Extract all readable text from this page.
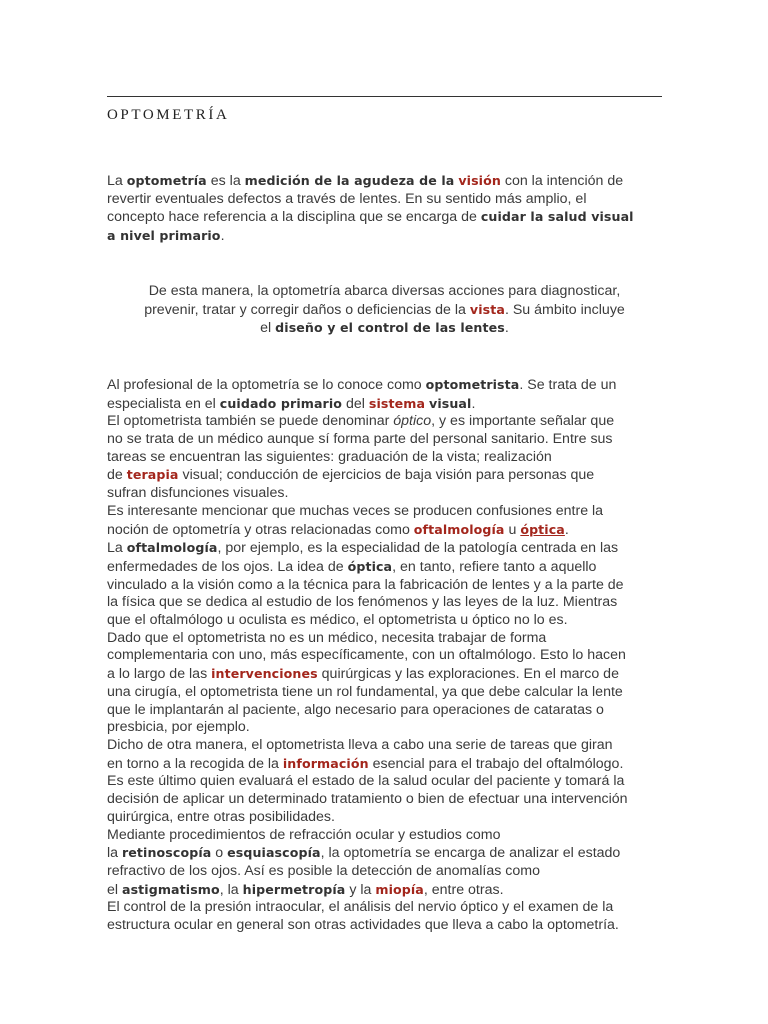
OPTOMETRÍA
La optometría es la medición de la agudeza de la visión con la intención de
revertir eventuales defectos a través de lentes. En su sentido más amplio, el
concepto hace referencia a la disciplina que se encarga de cuidar la salud visual
a nivel primario.
De esta manera, la optometría abarca diversas acciones para diagnosticar,
prevenir, tratar y corregir daños o deficiencias de la vista. Su ámbito incluye
el diseño y el control de las lentes.
Al profesional de la optometría se lo conoce como optometrista. Se trata de un
especialista en el cuidado primario del sistema visual.
El optometrista también se puede denominar óptico, y es importante señalar que
no se trata de un médico aunque sí forma parte del personal sanitario. Entre sus
tareas se encuentran las siguientes: graduación de la vista; realización
de terapia visual; conducción de ejercicios de baja visión para personas que
sufran disfunciones visuales.
Es interesante mencionar que muchas veces se producen confusiones entre la
noción de optometría y otras relacionadas como oftalmología u óptica.
La oftalmología, por ejemplo, es la especialidad de la patología centrada en las
enfermedades de los ojos. La idea de óptica, en tanto, refiere tanto a aquello
vinculado a la visión como a la técnica para la fabricación de lentes y a la parte de
la física que se dedica al estudio de los fenómenos y las leyes de la luz. Mientras
que el oftalmólogo u oculista es médico, el optometrista u óptico no lo es.
Dado que el optometrista no es un médico, necesita trabajar de forma
complementaria con uno, más específicamente, con un oftalmólogo. Esto lo hacen
a lo largo de las intervenciones quirúrgicas y las exploraciones. En el marco de
una cirugía, el optometrista tiene un rol fundamental, ya que debe calcular la lente
que le implantarán al paciente, algo necesario para operaciones de cataratas o
presbicia, por ejemplo.
Dicho de otra manera, el optometrista lleva a cabo una serie de tareas que giran
en torno a la recogida de la información esencial para el trabajo del oftalmólogo.
Es este último quien evaluará el estado de la salud ocular del paciente y tomará la
decisión de aplicar un determinado tratamiento o bien de efectuar una intervención
quirúrgica, entre otras posibilidades.
Mediante procedimientos de refracción ocular y estudios como
la retinoscopía o esquiascopía, la optometría se encarga de analizar el estado
refractivo de los ojos. Así es posible la detección de anomalías como
el astigmatismo, la hipermetropía y la miopía, entre otras.
El control de la presión intraocular, el análisis del nervio óptico y el examen de la
estructura ocular en general son otras actividades que lleva a cabo la optometría.
